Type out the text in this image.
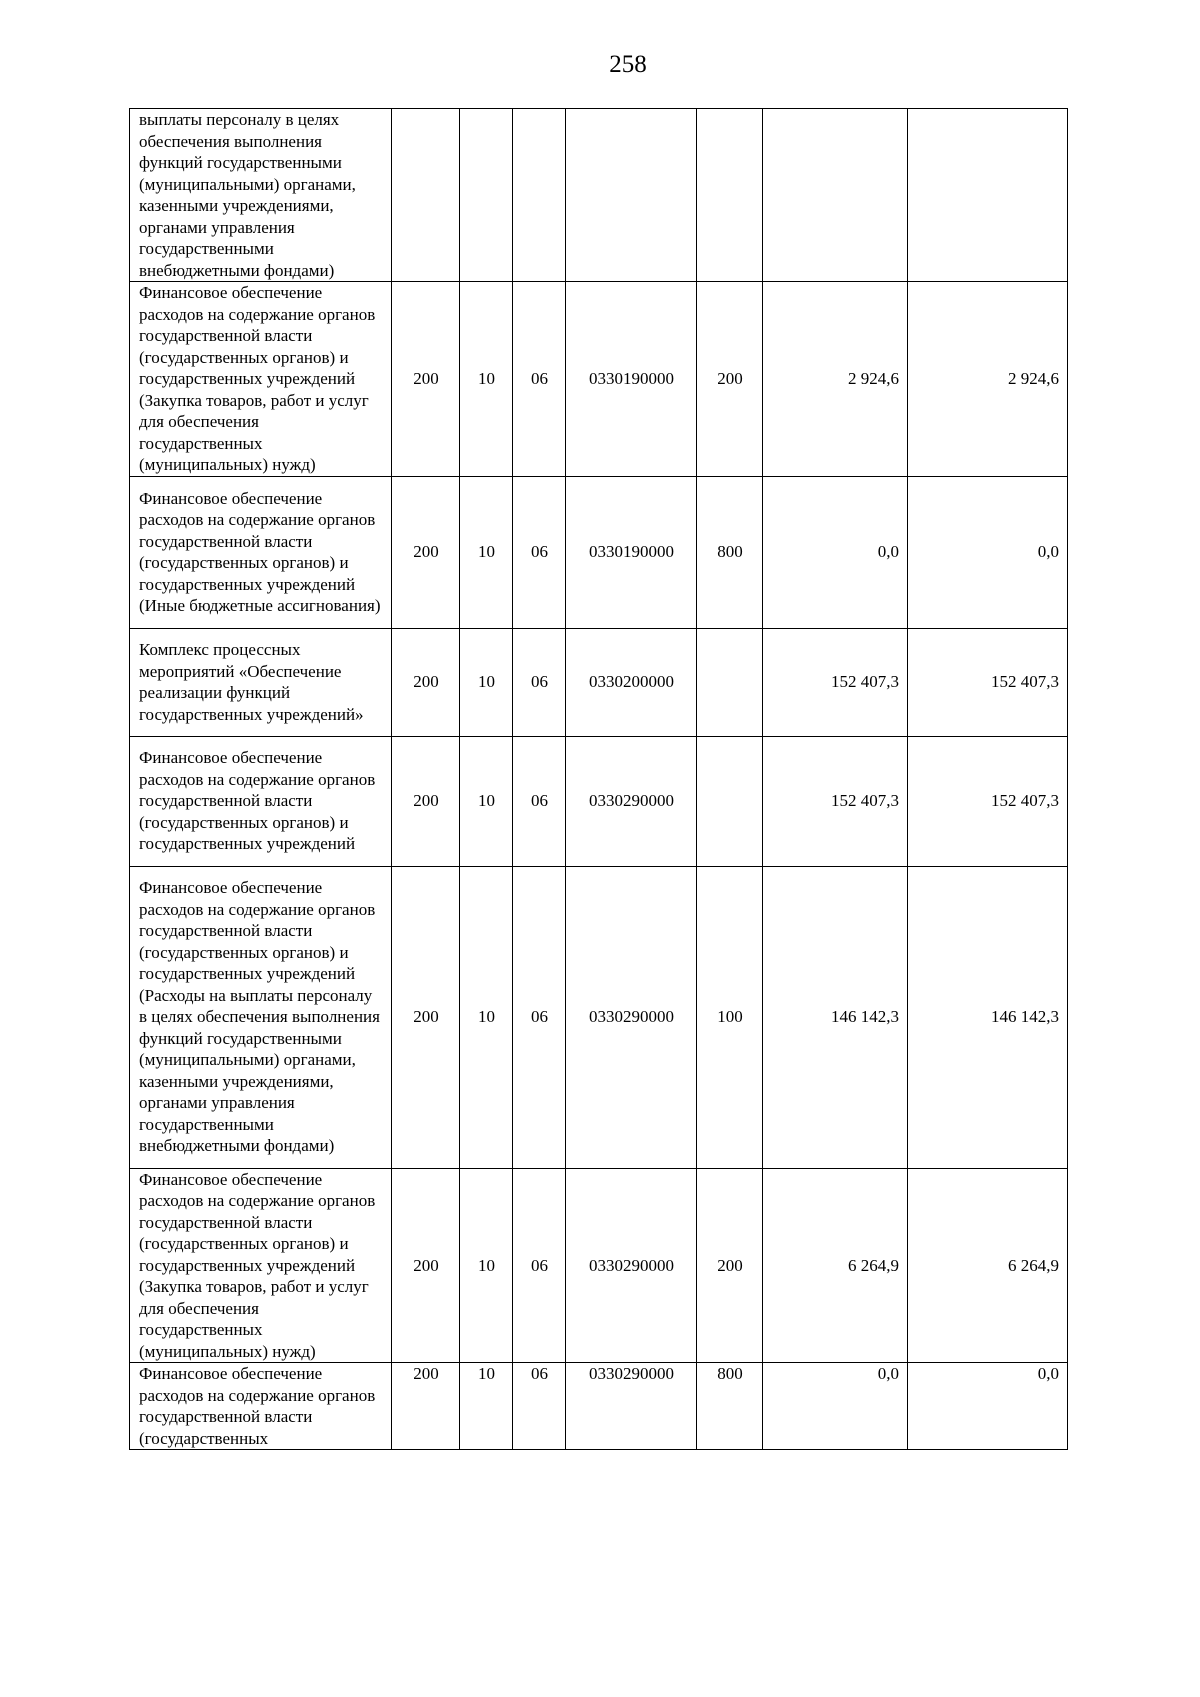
258
выплаты персоналу в целях обеспечения выполнения функций государственными (муниципальными) органами, казенными учреждениями, органами управления государственными внебюджетными фондами)							
Финансовое обеспечение расходов на содержание органов государственной власти (государственных органов) и государственных учреждений (Закупка товаров, работ и услуг для обеспечения государственных (муниципальных) нужд)	200	10	06	0330190000	200	2 924,6	2 924,6
Финансовое обеспечение расходов на содержание органов государственной власти (государственных органов) и государственных учреждений (Иные бюджетные ассигнования)	200	10	06	0330190000	800	0,0	0,0
Комплекс процессных мероприятий «Обеспечение реализации функций государственных учреждений»	200	10	06	0330200000		152 407,3	152 407,3
Финансовое обеспечение расходов на содержание органов государственной власти (государственных органов) и государственных учреждений	200	10	06	0330290000		152 407,3	152 407,3
Финансовое обеспечение расходов на содержание органов государственной власти (государственных органов) и государственных учреждений (Расходы на выплаты персоналу в целях обеспечения выполнения функций государственными (муниципальными) органами, казенными учреждениями, органами управления государственными внебюджетными фондами)	200	10	06	0330290000	100	146 142,3	146 142,3
Финансовое обеспечение расходов на содержание органов государственной власти (государственных органов) и государственных учреждений (Закупка товаров, работ и услуг для обеспечения государственных (муниципальных) нужд)	200	10	06	0330290000	200	6 264,9	6 264,9
Финансовое обеспечение расходов на содержание органов государственной власти (государственных	200	10	06	0330290000	800	0,0	0,0
